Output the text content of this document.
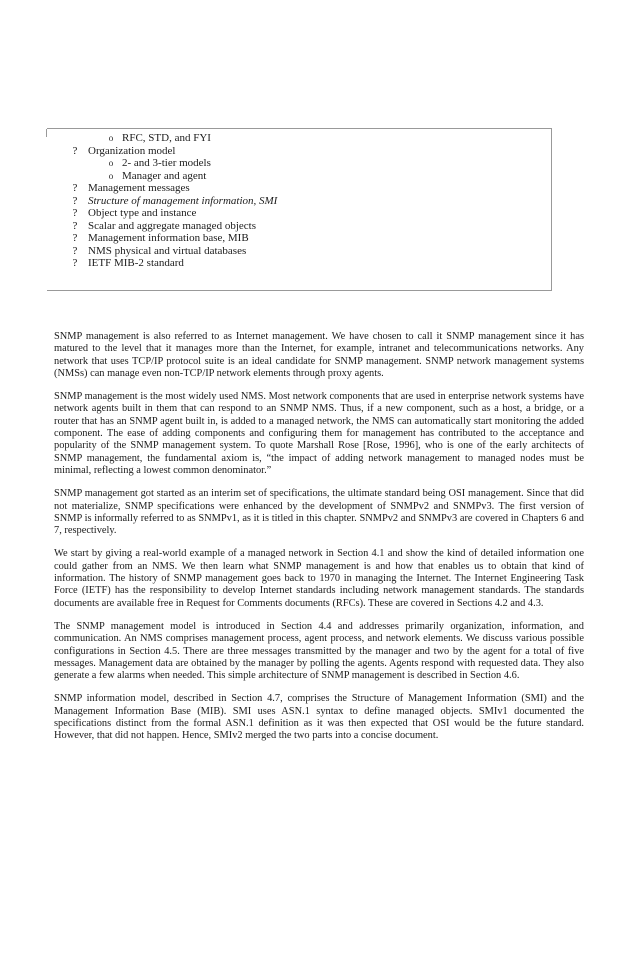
o RFC, STD, and FYI
? Organization model
o 2- and 3-tier models
o Manager and agent
? Management messages
? Structure of management information, SMI
? Object type and instance
? Scalar and aggregate managed objects
? Management information base, MIB
? NMS physical and virtual databases
? IETF MIB-2 standard

SNMP management is also referred to as Internet management. We have chosen to call it SNMP management since it has matured to the level that it manages more than the Internet, for example, intranet and telecommunications networks. Any network that uses TCP/IP protocol suite is an ideal candidate for SNMP management. SNMP network management systems (NMSs) can manage even non-TCP/IP network elements through proxy agents.

SNMP management is the most widely used NMS. Most network components that are used in enterprise network systems have network agents built in them that can respond to an SNMP NMS. Thus, if a new component, such as a host, a bridge, or a router that has an SNMP agent built in, is added to a managed network, the NMS can automatically start monitoring the added component. The ease of adding components and configuring them for management has contributed to the acceptance and popularity of the SNMP management system. To quote Marshall Rose [Rose, 1996], who is one of the early architects of SNMP management, the fundamental axiom is, “the impact of adding network management to managed nodes must be minimal, reflecting a lowest common denominator.”

SNMP management got started as an interim set of specifications, the ultimate standard being OSI management. Since that did not materialize, SNMP specifications were enhanced by the development of SNMPv2 and SNMPv3. The first version of SNMP is informally referred to as SNMPv1, as it is titled in this chapter. SNMPv2 and SNMPv3 are covered in Chapters 6 and 7, respectively.

We start by giving a real-world example of a managed network in Section 4.1 and show the kind of detailed information one could gather from an NMS. We then learn what SNMP management is and how that enables us to obtain that kind of information. The history of SNMP management goes back to 1970 in managing the Internet. The Internet Engineering Task Force (IETF) has the responsibility to develop Internet standards including network management standards. The standards documents are available free in Request for Comments documents (RFCs). These are covered in Sections 4.2 and 4.3.

The SNMP management model is introduced in Section 4.4 and addresses primarily organization, information, and communication. An NMS comprises management process, agent process, and network elements. We discuss various possible configurations in Section 4.5. There are three messages transmitted by the manager and two by the agent for a total of five messages. Management data are obtained by the manager by polling the agents. Agents respond with requested data. They also generate a few alarms when needed. This simple architecture of SNMP management is described in Section 4.6.

SNMP information model, described in Section 4.7, comprises the Structure of Management Information (SMI) and the Management Information Base (MIB). SMI uses ASN.1 syntax to define managed objects. SMIv1 documented the specifications distinct from the formal ASN.1 definition as it was then expected that OSI would be the future standard. However, that did not happen. Hence, SMIv2 merged the two parts into a concise document.
